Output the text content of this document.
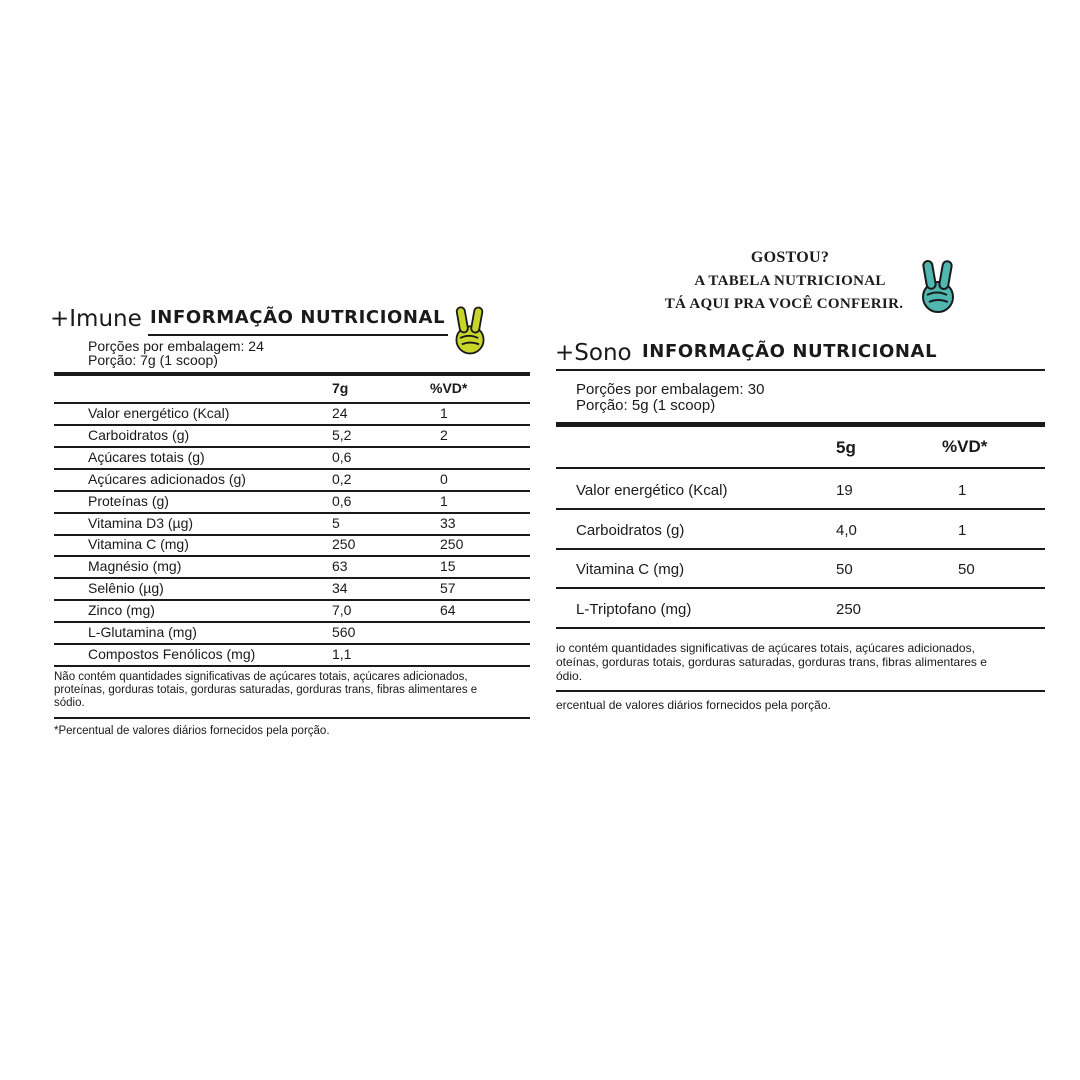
GOSTOU?
A TABELA NUTRICIONAL
TÁ AQUI PRA VOCÊ CONFERIR.
+Imune INFORMAÇÃO NUTRICIONAL
Porções por embalagem: 24
Porção: 7g (1 scoop)
7g	%VD*
Valor energético (Kcal)	24	1
Carboidratos (g)	5,2	2
Açúcares totais (g)	0,6
Açúcares adicionados (g)	0,2	0
Proteínas (g)	0,6	1
Vitamina D3 (µg)	5	33
Vitamina C (mg)	250	250
Magnésio (mg)	63	15
Selênio (µg)	34	57
Zinco (mg)	7,0	64
L-Glutamina (mg)	560
Compostos Fenólicos (mg)	1,1
Não contém quantidades significativas de açúcares totais, açúcares adicionados,
proteínas, gorduras totais, gorduras saturadas, gorduras trans, fibras alimentares e
sódio.
*Percentual de valores diários fornecidos pela porção.
+Sono INFORMAÇÃO NUTRICIONAL
Porções por embalagem: 30
Porção: 5g (1 scoop)
5g	%VD*
Valor energético (Kcal)	19	1
Carboidratos (g)	4,0	1
Vitamina C (mg)	50	50
L-Triptofano (mg)	250
io contém quantidades significativas de açúcares totais, açúcares adicionados,
oteínas, gorduras totais, gorduras saturadas, gorduras trans, fibras alimentares e
ódio.
ercentual de valores diários fornecidos pela porção.
